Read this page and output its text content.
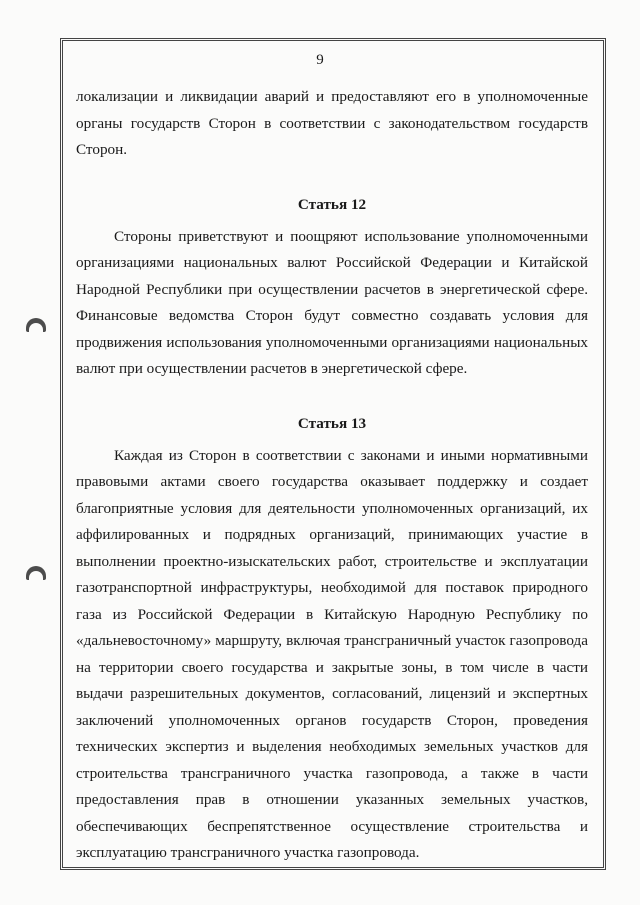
9

локализации и ликвидации аварий и предоставляют его в уполномоченные органы государств Сторон в соответствии с законодательством государств Сторон.

Статья 12

Стороны приветствуют и поощряют использование уполномоченными организациями национальных валют Российской Федерации и Китайской Народной Республики при осуществлении расчетов в энергетической сфере. Финансовые ведомства Сторон будут совместно создавать условия для продвижения использования уполномоченными организациями национальных валют при осуществлении расчетов в энергетической сфере.

Статья 13

Каждая из Сторон в соответствии с законами и иными нормативными правовыми актами своего государства оказывает поддержку и создает благоприятные условия для деятельности уполномоченных организаций, их аффилированных и подрядных организаций, принимающих участие в выполнении проектно-изыскательских работ, строительстве и эксплуатации газотранспортной инфраструктуры, необходимой для поставок природного газа из Российской Федерации в Китайскую Народную Республику по «дальневосточному» маршруту, включая трансграничный участок газопровода на территории своего государства и закрытые зоны, в том числе в части выдачи разрешительных документов, согласований, лицензий и экспертных заключений уполномоченных органов государств Сторон, проведения технических экспертиз и выделения необходимых земельных участков для строительства трансграничного участка газопровода, а также в части предоставления прав в отношении указанных земельных участков, обеспечивающих беспрепятственное осуществление строительства и эксплуатацию трансграничного участка газопровода.
